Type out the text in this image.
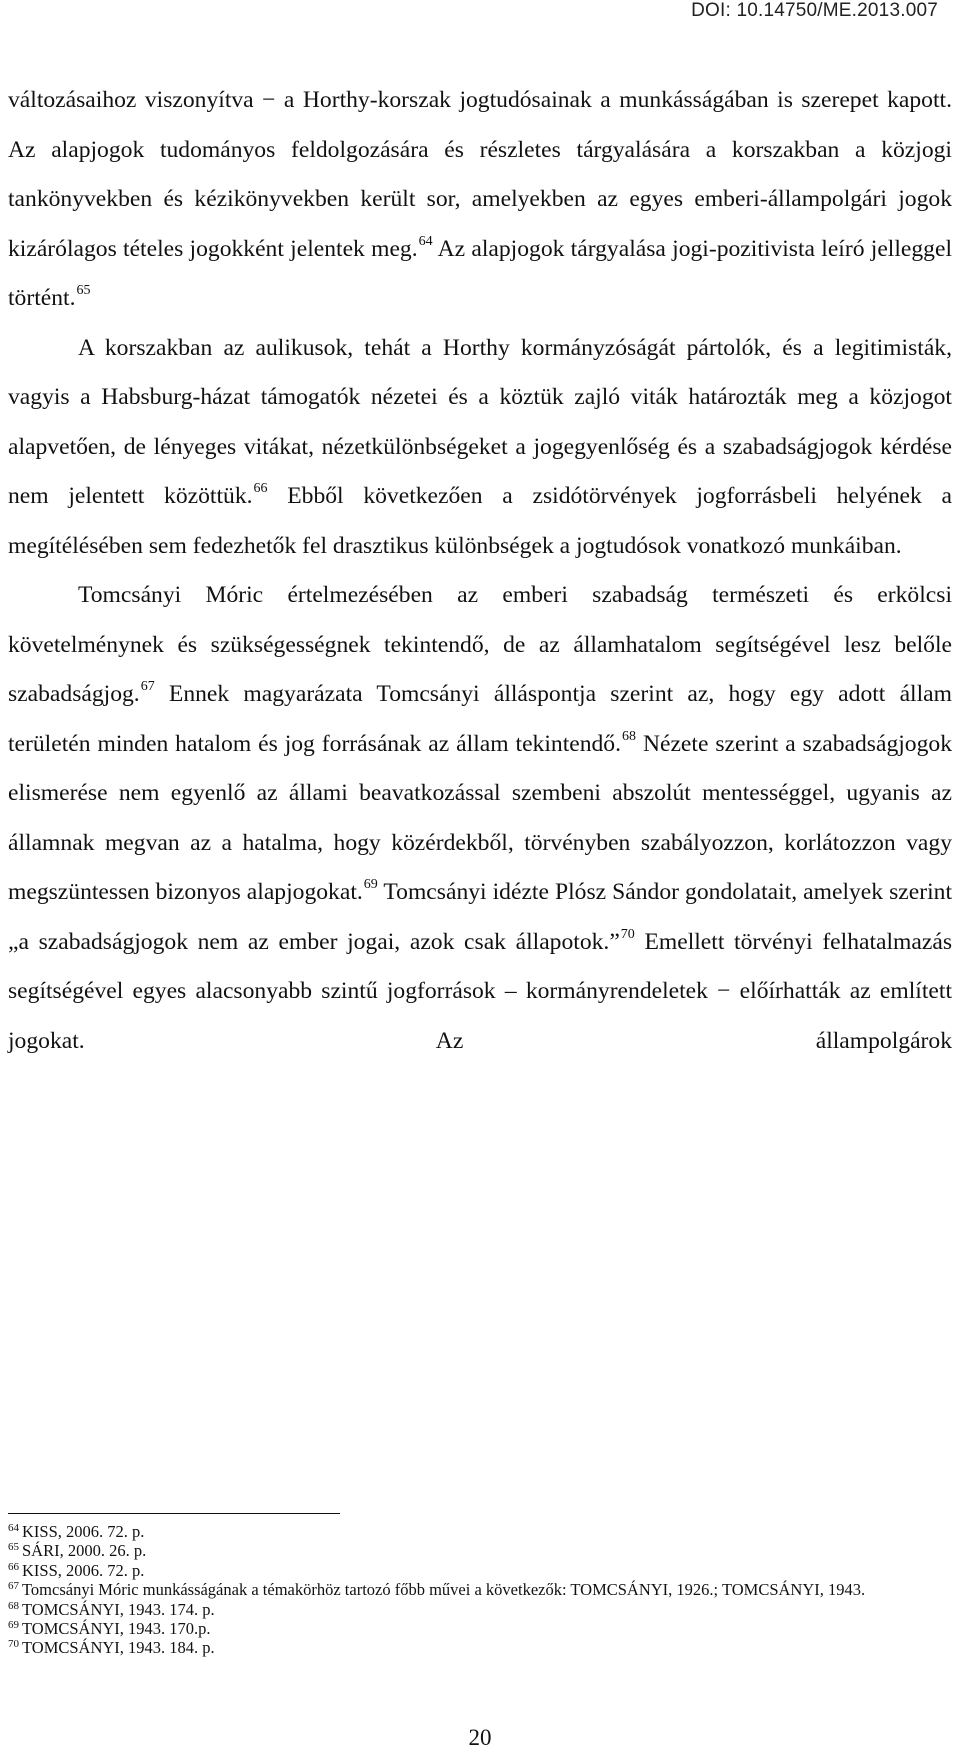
DOI: 10.14750/ME.2013.007

változásaihoz viszonyítva − a Horthy-korszak jogtudósainak a munkásságában is szerepet kapott. Az alapjogok tudományos feldolgozására és részletes tárgyalására a korszakban a közjogi tankönyvekben és kézikönyvekben került sor, amelyekben az egyes emberi-állampolgári jogok kizárólagos tételes jogokként jelentek meg.$^{64}$ Az alapjogok tárgyalása jogi-pozitivista leíró jelleggel történt.$^{65}$

A korszakban az aulikusok, tehát a Horthy kormányzóságát pártolók, és a legitimisták, vagyis a Habsburg-házat támogatók nézetei és a köztük zajló viták határozták meg a közjogot alapvetően, de lényeges vitákat, nézetkülönbségeket a jogegyenlőség és a szabadságjogok kérdése nem jelentett közöttük.$^{66}$ Ebből következően a zsidótörvények jogforrásbeli helyének a megítélésében sem fedezhetők fel drasztikus különbségek a jogtudósok vonatkozó munkáiban.

Tomcsányi Móric értelmezésében az emberi szabadság természeti és erkölcsi követelménynek és szükségességnek tekintendő, de az államhatalom segítségével lesz belőle szabadságjog.$^{67}$ Ennek magyarázata Tomcsányi álláspontja szerint az, hogy egy adott állam területén minden hatalom és jog forrásának az állam tekintendő.$^{68}$ Nézete szerint a szabadságjogok elismerése nem egyenlő az állami beavatkozással szembeni abszolút mentességgel, ugyanis az államnak megvan az a hatalma, hogy közérdekből, törvényben szabályozzon, korlátozzon vagy megszüntessen bizonyos alapjogokat.$^{69}$ Tomcsányi idézte Plósz Sándor gondolatait, amelyek szerint „a szabadságjogok nem az ember jogai, azok csak állapotok.”$^{70}$ Emellett törvényi felhatalmazás segítségével egyes alacsonyabb szintű jogforrások – kormányrendeletek − előírhatták az említett jogokat. Az állampolgárok

$^{64}$ KISS, 2006. 72. p.
$^{65}$ SÁRI, 2000. 26. p.
$^{66}$ KISS, 2006. 72. p.
$^{67}$ Tomcsányi Móric munkásságának a témakörhöz tartozó főbb művei a következők: TOMCSÁNYI, 1926.; TOMCSÁNYI, 1943.
$^{68}$ TOMCSÁNYI, 1943. 174. p.
$^{69}$ TOMCSÁNYI, 1943. 170.p.
$^{70}$ TOMCSÁNYI, 1943. 184. p.
20
